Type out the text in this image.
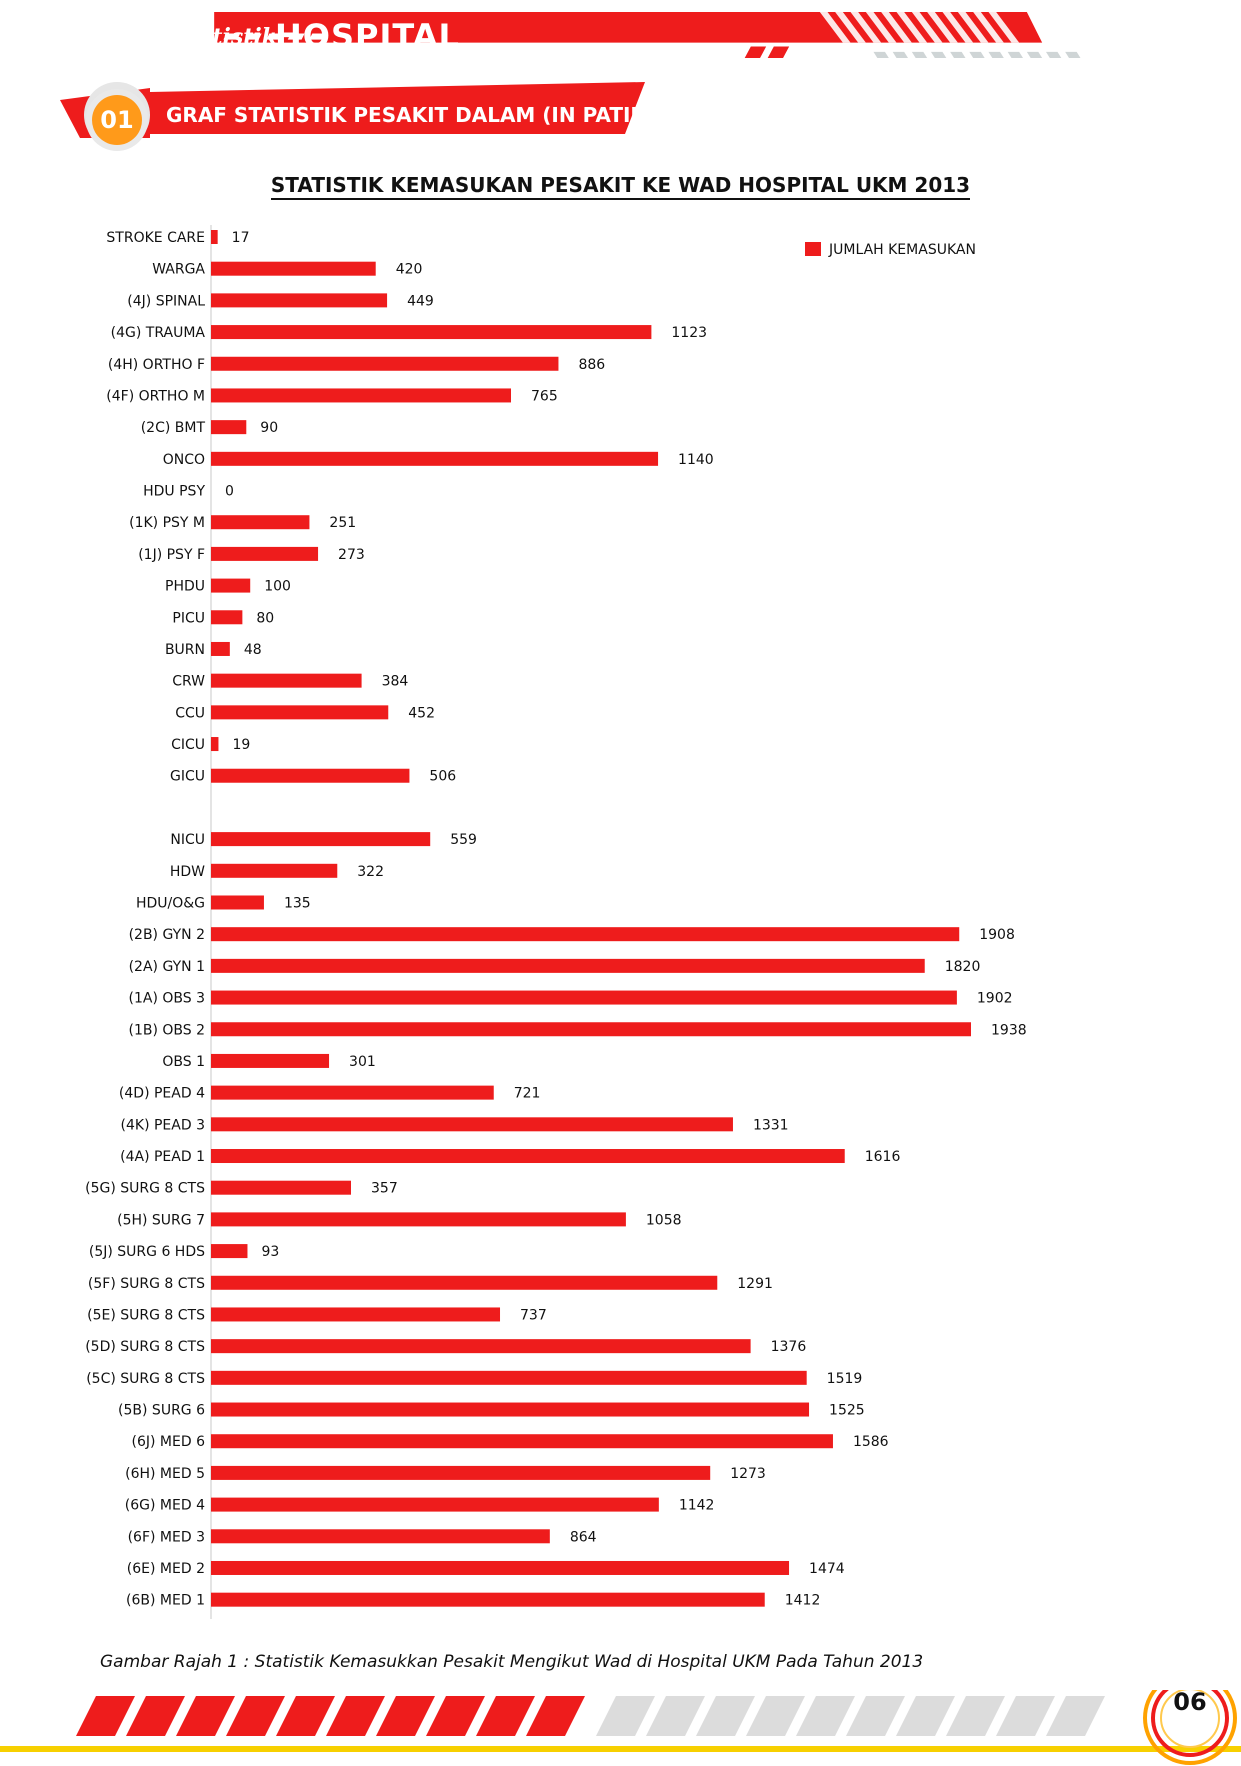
Statistik
HOSPITAL
01	GRAF STATISTIK PESAKIT DALAM (IN PATIENT)
STATISTIK KEMASUKAN PESAKIT KE WAD HOSPITAL UKM 2013
STROKE CARE 17
WARGA	420
(4J) SPINAL	449
(4G) TRAUMA	1123
(4H) ORTHO F	886
(4F) ORTHO M	765
(2C) BMT	90
ONCO	1140
HDU PSY 0
(1K) PSY M	251
(1J) PSY F	273
PHDU	100
PICU	80
BURN	48
CRW	384
CCU	452
CICU 19
GICU	506
NICU	559
HDW	322
HDU/O&G	135
(2B) GYN 2	1908
(2A) GYN 1	1820
(1A) OBS 3	1902
(1B) OBS 2	1938
OBS 1	301
(4D) PEAD 4	721
(4K) PEAD 3	1331
(4A) PEAD 1	1616
(5G) SURG 8 CTS	357
(5H) SURG 7	1058
(5J) SURG 6 HDS	93
(5F) SURG 8 CTS	1291
(5E) SURG 8 CTS	737
(5D) SURG 8 CTS	1376
(5C) SURG 8 CTS	1519
(5B) SURG 6	1525
(6J) MED 6	1586
(6H) MED 5	1273
(6G) MED 4	1142
(6F) MED 3	864
(6E) MED 2	1474
(6B) MED 1	1412
JUMLAH KEMASUKAN
Gambar Rajah 1 : Statistik Kemasukkan Pesakit Mengikut Wad di Hospital UKM Pada Tahun 2013
06
